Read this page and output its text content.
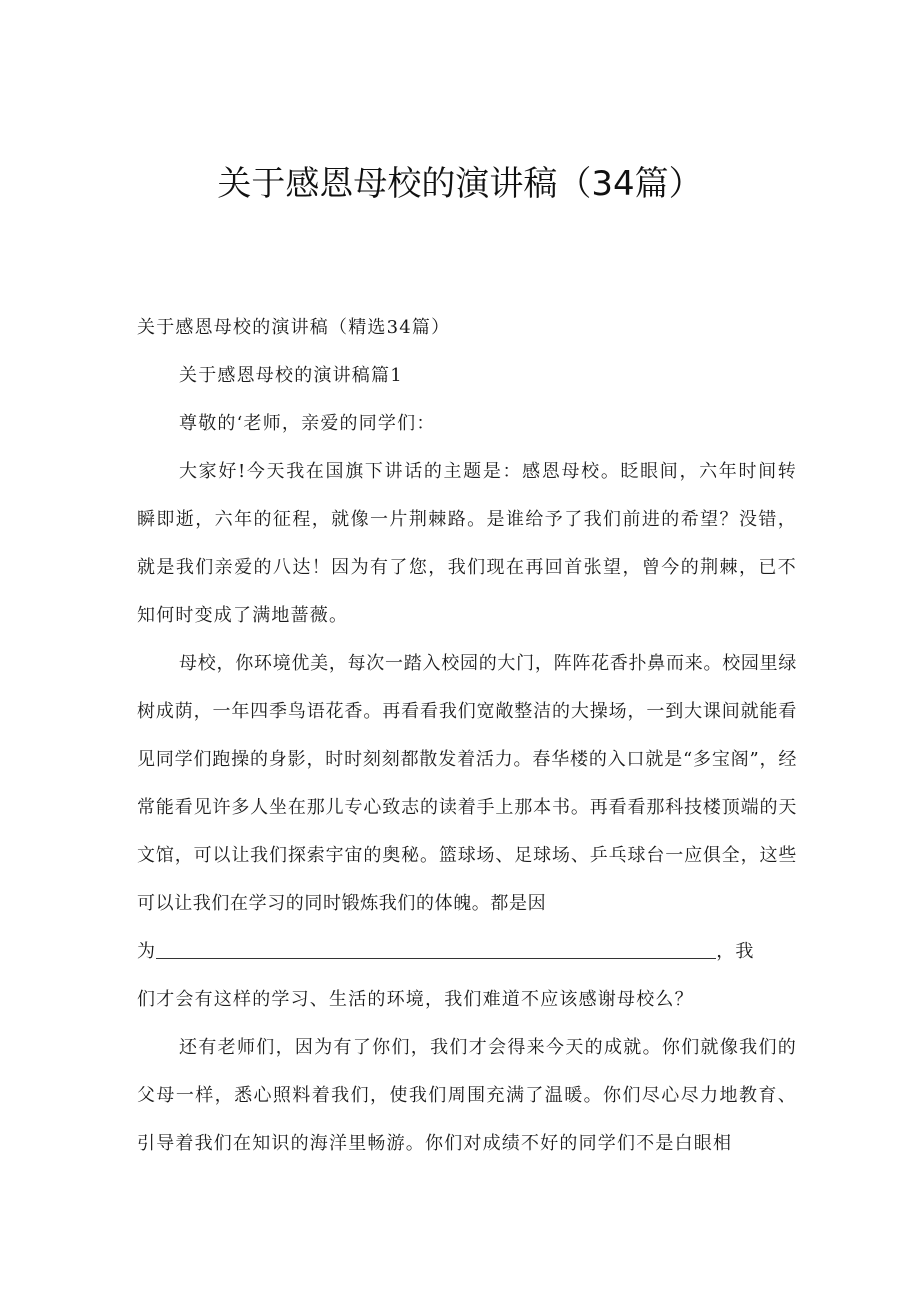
关于感恩母校的演讲稿（34篇）

关于感恩母校的演讲稿（精选34篇）

关于感恩母校的演讲稿篇1

尊敬的‘老师，亲爱的同学们：

大家好!今天我在国旗下讲话的主题是：感恩母校。眨眼间，六年时间转瞬即逝，六年的征程，就像一片荆棘路。是谁给予了我们前进的希望？没错，就是我们亲爱的八达！因为有了您，我们现在再回首张望，曾今的荆棘，已不知何时变成了满地蔷薇。

母校，你环境优美，每次一踏入校园的大门，阵阵花香扑鼻而来。校园里绿树成荫，一年四季鸟语花香。再看看我们宽敞整洁的大操场，一到大课间就能看见同学们跑操的身影，时时刻刻都散发着活力。春华楼的入口就是“多宝阁”，经常能看见许多人坐在那儿专心致志的读着手上那本书。再看看那科技楼顶端的天文馆，可以让我们探索宇宙的奥秘。篮球场、足球场、乒乓球台一应俱全，这些可以让我们在学习的同时锻炼我们的体魄。都是因

为	，我

们才会有这样的学习、生活的环境，我们难道不应该感谢母校么？

还有老师们，因为有了你们，我们才会得来今天的成就。你们就像我们的父母一样，悉心照料着我们，使我们周围充满了温暖。你们尽心尽力地教育、引导着我们在知识的海洋里畅游。你们对成绩不好的同学们不是白眼相
